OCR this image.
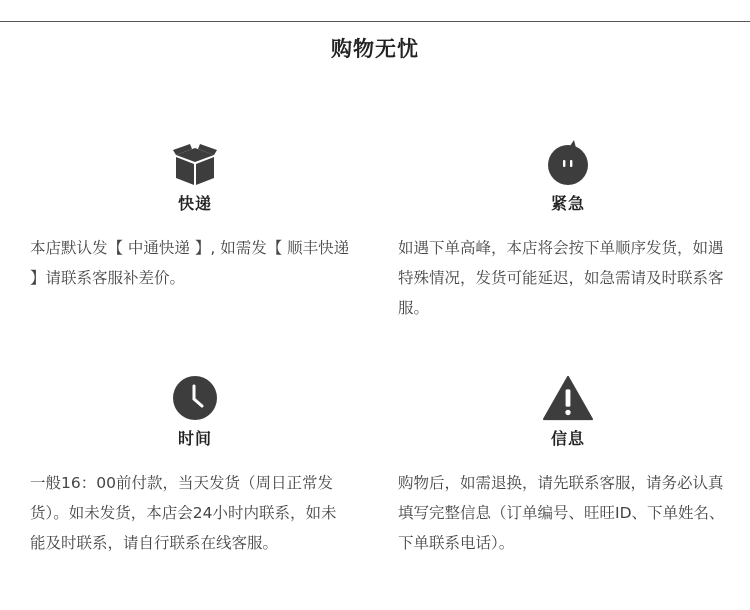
购物无忧
快递

本店默认发【 中通快递 】, 如需发【 顺丰快递 】请联系客服补差价。

紧急

如遇下单高峰，本店将会按下单顺序发货，如遇特殊情况，发货可能延迟，如急需请及时联系客服。

时间

一般16：00前付款，当天发货（周日正常发货）。如未发货，本店会24小时内联系，如未能及时联系，请自行联系在线客服。

信息

购物后，如需退换，请先联系客服，请务必认真填写完整信息（订单编号、旺旺ID、下单姓名、下单联系电话）。
